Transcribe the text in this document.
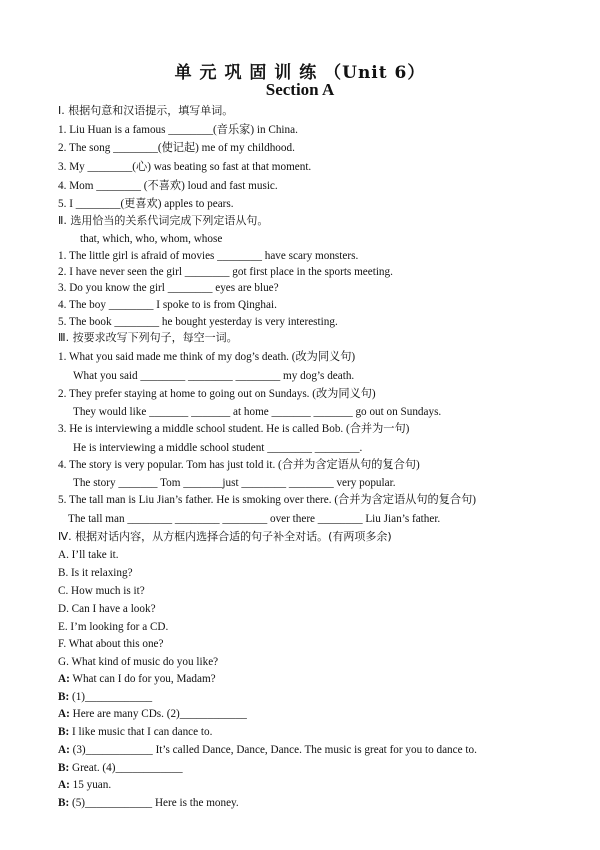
单 元 巩 固 训 练 （Unit 6）
Section A
Ⅰ. 根据句意和汉语提示，填写单词。
1. Liu Huan is a famous ________(音乐家) in China.
2. The song ________(使记起) me of my childhood.
3. My ________(心) was beating so fast at that moment.
4. Mom ________ (不喜欢) loud and fast music.
5. I ________(更喜欢) apples to pears.
Ⅱ. 选用恰当的关系代词完成下列定语从句。
that, which, who, whom, whose
1. The little girl is afraid of movies ________ have scary monsters.
2. I have never seen the girl ________ got first place in the sports meeting.
3. Do you know the girl ________ eyes are blue?
4. The boy ________ I spoke to is from Qinghai.
5. The book ________ he bought yesterday is very interesting.
Ⅲ. 按要求改写下列句子，每空一词。
1. What you said made me think of my dog’s death. (改为同义句)
What you said ________ ________ ________ my dog’s death.
2. They prefer staying at home to going out on Sundays. (改为同义句)
They would like _______ _______ at home _______ _______ go out on Sundays.
3. He is interviewing a middle school student. He is called Bob. (合并为一句)
He is interviewing a middle school student ________ ________.
4. The story is very popular. Tom has just told it. (合并为含定语从句的复合句)
The story _______ Tom _______just ________ ________ very popular.
5. The tall man is Liu Jian’s father. He is smoking over there. (合并为含定语从句的复合句)
The tall man ________ ________ ________ over there ________ Liu Jian’s father.
Ⅳ. 根据对话内容，从方框内选择合适的句子补全对话。(有两项多余)
A. I’ll take it.
B. Is it relaxing?
C. How much is it?
D. Can I have a look?
E. I’m looking for a CD.
F. What about this one?
G. What kind of music do you like?
A: What can I do for you, Madam?
B: (1)____________
A: Here are many CDs. (2)____________
B: I like music that I can dance to.
A: (3)____________ It’s called Dance, Dance, Dance. The music is great for you to dance to.
B: Great. (4)____________
A: 15 yuan.
B: (5)____________ Here is the money.
